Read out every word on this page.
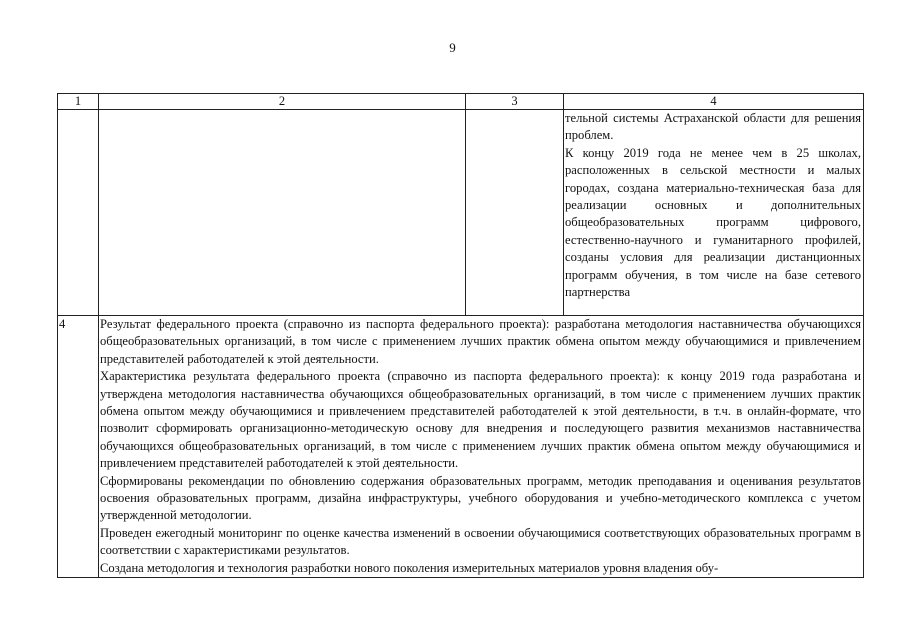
9
1	2	3	4

			тельной системы Астраханской области для решения проблем.

К концу 2019 года не менее чем в 25 школах, расположенных в сельской местности и малых городах, создана материально-техническая база для реализации основных и дополнительных общеобразовательных программ цифрового, естественно-научного и гуманитарного профилей, созданы условия для реализации дистанционных программ обучения, в том числе на базе сетевого партнерства

4	Результат федерального проекта (справочно из паспорта федерального проекта): разработана методология наставничества обучающихся общеобразовательных организаций, в том числе с применением лучших практик обмена опытом между обучающимися и привлечением представителей работодателей к этой деятельности.

Характеристика результата федерального проекта (справочно из паспорта федерального проекта): к концу 2019 года разработана и утверждена методология наставничества обучающихся общеобразовательных организаций, в том числе с применением лучших практик обмена опытом между обучающимися и привлечением представителей работодателей к этой деятельности, в т.ч. в онлайн-формате, что позволит сформировать организационно-методическую основу для внедрения и последующего развития механизмов наставничества обучающихся общеобразовательных организаций, в том числе с применением лучших практик обмена опытом между обучающимися и привлечением представителей работодателей к этой деятельности.

Сформированы рекомендации по обновлению содержания образовательных программ, методик преподавания и оценивания результатов освоения образовательных программ, дизайна инфраструктуры, учебного оборудования и учебно-методического комплекса с учетом утвержденной методологии.

Проведен ежегодный мониторинг по оценке качества изменений в освоении обучающимися соответствующих образовательных программ в соответствии с характеристиками результатов.

Создана методология и технология разработки нового поколения измерительных материалов уровня владения обу-		
